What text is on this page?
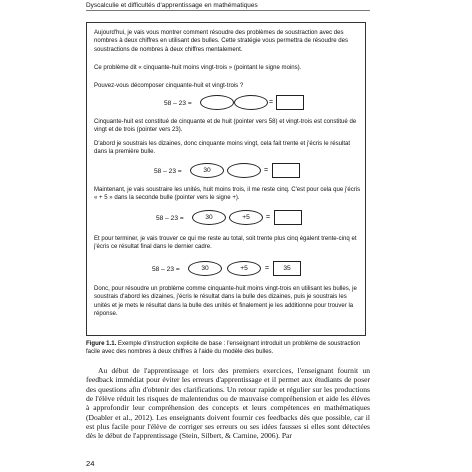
Dyscalculie et difficultés d'apprentissage en mathématiques
Aujourd'hui, je vais vous montrer comment résoudre des problèmes de soustraction avec des nombres à deux chiffres en utilisant des bulles. Cette stratégie vous permettra de résoudre des soustractions de nombres à deux chiffres mentalement.
Ce problème dit « cinquante-huit moins vingt-trois » (pointant le signe moins).
Pouvez-vous décomposer cinquante-huit et vingt-trois ?
58 – 23 =	=
Cinquante-huit est constitué de cinquante et de huit (pointer vers 58) et vingt-trois est constitué de vingt et de trois (pointer vers 23).
D'abord je soustrais les dizaines, donc cinquante moins vingt, cela fait trente et j'écris le résultat dans la première bulle.
58 – 23 =	30	=
Maintenant, je vais soustraire les unités, huit moins trois, il me reste cinq. C'est pour cela que j'écris « + 5 » dans la seconde bulle (pointer vers le signe +).
58 – 23 =	30	+5	=
Et pour terminer, je vais trouver ce qui me reste au total, soit trente plus cinq égalent trente-cinq et j'écris ce résultat final dans le dernier cadre.
58 – 23 =	30	+5	=	35
Donc, pour résoudre un problème comme cinquante-huit moins vingt-trois en utilisant les bulles, je soustrais d'abord les dizaines, j'écris le résultat dans la bulle des dizaines, puis je soustrais les unités et je mets le résultat dans la bulle des unités et finalement je les additionne pour trouver la réponse.
Figure 1.1. Exemple d'instruction explicite de base : l'enseignant introduit un problème de soustraction facile avec des nombres à deux chiffres à l'aide du modèle des bulles.

Au début de l'apprentissage et lors des premiers exercices, l'enseignant fournit un feedback immédiat pour éviter les erreurs d'apprentissage et il permet aux étudiants de poser des questions afin d'obtenir des clarifications. Un retour rapide et régulier sur les productions de l'élève réduit les risques de malentendus ou de mauvaise compréhension et aide les élèves à approfondir leur compréhension des concepts et leurs compétences en mathématiques (Doabler et al., 2012). Les enseignants doivent fournir ces feedbacks dès que possible, car il est plus facile pour l'élève de corriger ses erreurs ou ses idées fausses si elles sont détectées dès le début de l'apprentissage (Stein, Silbert, & Carnine, 2006). Par

24
